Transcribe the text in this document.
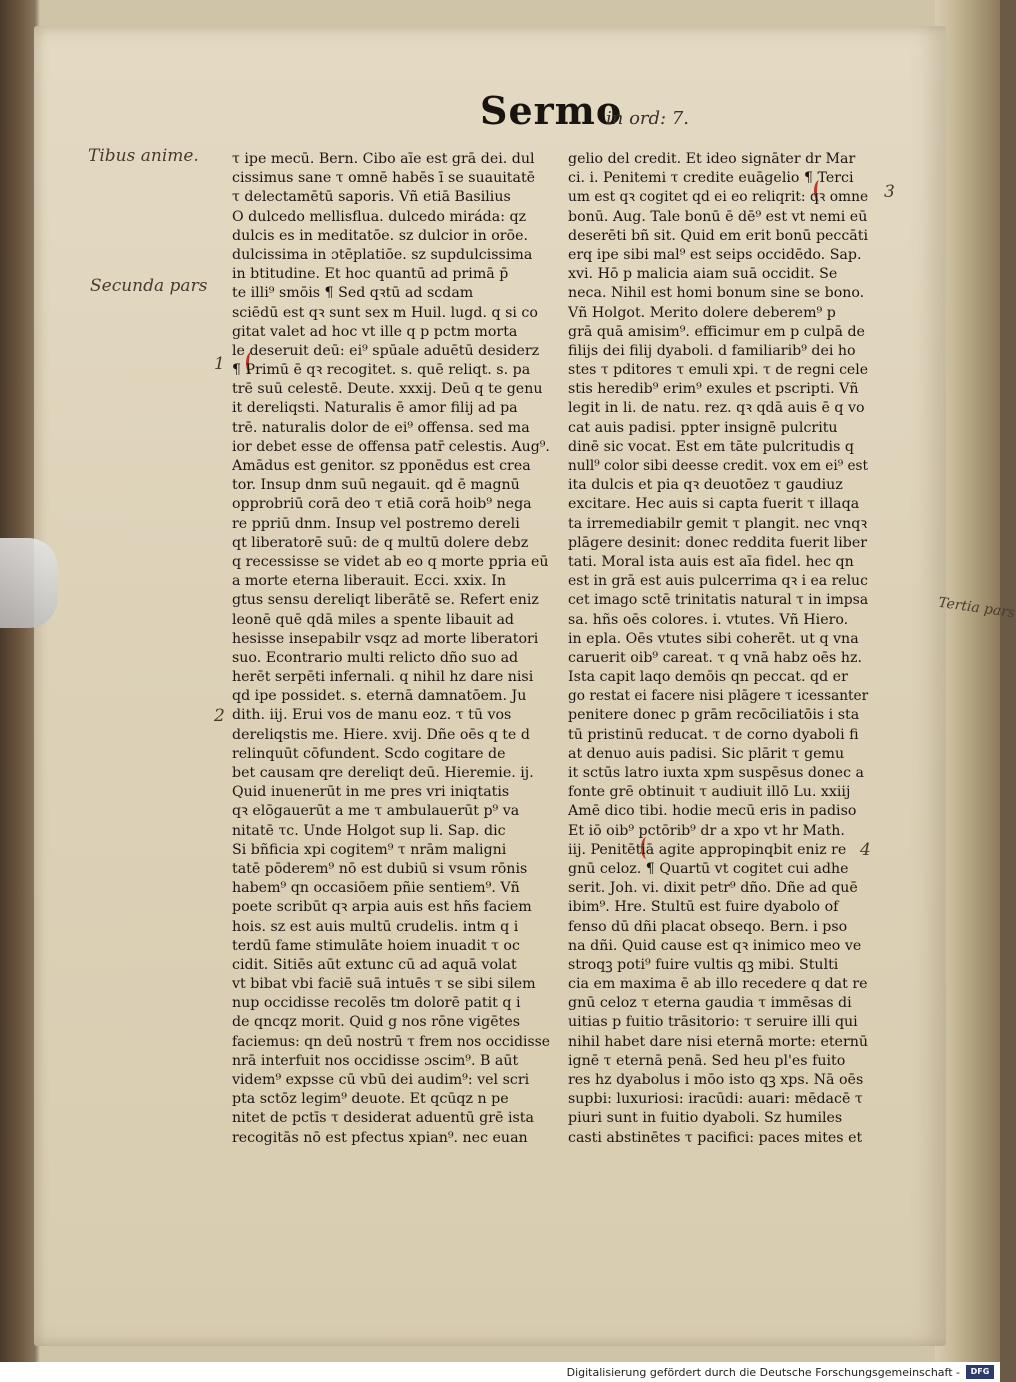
Sermo
in ord: 7.
Tibus anime.
Secunda pars
1
2
3
4
Tertia pars
τ ipe mecū. Bern. Cibo aīe est grā dei. dul
cissimus sane τ omnē habēs ī se suauitatē
τ delectamētū saporis. Vñ etiā Basilius
O dulcedo mellisflua. dulcedo miráda: qz
dulcis es in meditatōe. sz dulcior in orōe.
dulcissima in ɔtēplatiōe. sz supdulcissima
in btitudine. Et hoc quantū ad primā p̄
te illi⁹ smōis ¶ Sed qꝛtū ad scdam
sciēdū est qꝛ sunt sex m Huil. lugd. q si co
gitat valet ad hoc vt ille q p pctm morta
le deseruit deū: ei⁹ spūale aduētū desiderz
¶ Primū ē qꝛ recogitet. s. quē reliqt. s. pa
trē suū celestē. Deute. xxxij. Deū q te genu
it dereliqsti. Naturalis ē amor filij ad pa
trē. naturalis dolor de ei⁹ offensa. sed ma
ior debet esse de offensa patr̄ celestis. Aug⁹.
Amādus est genitor. sz pponēdus est crea
tor. Insup dnm suū negauit. qd ē magnū
opprobriū corā deo τ etiā corā hoib⁹ nega
re ppriū dnm. Insup vel postremo dereli
qt liberatorē suū: de q multū dolere debz
q recessisse se videt ab eo q morte ppria eū
a morte eterna liberauit. Ecci. xxix. In
gtus sensu dereliqt liberātē se. Refert eniz
leonē quē qdā miles a spente libauit ad
hesisse insepabilr vsqz ad morte liberatori
suo. Econtrario multi relicto dño suo ad
herēt serpēti infernali. q nihil hz dare nisi
qd ipe possidet. s. eternā damnatōem. Ju
dith. iij. Erui vos de manu eoz. τ tū vos
dereliqstis me. Hiere. xvij. Dñe oēs q te d
relinquūt cōfundent. Scdo cogitare de
bet causam qre dereliqt deū. Hieremie. ij.
Quid inuenerūt in me pres vri iniqtatis
qꝛ elōgauerūt a me τ ambulauerūt p⁹ va
nitatē τc. Unde Holgot sup li. Sap. dic
Si bñficia xpi cogitem⁹ τ nrām maligni
tatē pōderem⁹ nō est dubiū si vsum rōnis
habem⁹ qn occasiōem pñie sentiem⁹. Vñ
poete scribūt qꝛ arpia auis est hñs faciem
hois. sz est auis multū crudelis. intm q i
terdū fame stimulāte hoiem inuadit τ oc
cidit. Sitiēs aūt extunc cū ad aquā volat
vt bibat vbi faciē suā intuēs τ se sibi silem
nup occidisse recolēs tm dolorē patit q i
de qncqz morit. Quid g nos rōne vigētes
faciemus: qn deū nostrū τ frem nos occidisse
nrā interfuit nos occidisse ɔscim⁹. B aūt
videm⁹ expsse cū vbū dei audim⁹: vel scri
pta sctōz legim⁹ deuote. Et qcūqz n pe
nitet de pctīs τ desiderat aduentū grē ista
recogitās nō est pfectus xpian⁹. nec euan
gelio del credit. Et ideo signāter dr Mar
ci. i. Penitemi τ credite euāgelio ¶ Terci
um est qꝛ cogitet qd ei eo reliqrit: qꝛ omne
bonū. Aug. Tale bonū ē dē⁹ est vt nemi eū
deserēti bñ sit. Quid em erit bonū peccāti
erq ipe sibi mal⁹ est seips occidēdo. Sap.
xvi. Hō p malicia aiam suā occidit. Se
neca. Nihil est homi bonum sine se bono.
Vñ Holgot. Merito dolere deberem⁹ p
grā quā amisim⁹. efficimur em p culpā de
filijs dei filij dyaboli. d familiarib⁹ dei ho
stes τ pditores τ emuli xpi. τ de regni cele
stis heredib⁹ erim⁹ exules et pscripti. Vñ
legit in li. de natu. rez. qꝛ qdā auis ē q vo
cat auis padisi. ppter insignē pulcritu
dinē sic vocat. Est em tāte pulcritudis q
null⁹ color sibi deesse credit. vox em ei⁹ est
ita dulcis et pia qꝛ deuotōez τ gaudiuz
excitare. Hec auis si capta fuerit τ illaqa
ta irremediabilr gemit τ plangit. nec vnqꝛ
plāgere desinit: donec reddita fuerit liber
tati. Moral ista auis est aīa fidel. hec qn
est in grā est auis pulcerrima qꝛ i ea reluc
cet imago sctē trinitatis natural τ in impsa
sa. hñs oēs colores. i. vtutes. Vñ Hiero.
in epla. Oēs vtutes sibi coherēt. ut q vna
caruerit oib⁹ careat. τ q vnā habz oēs hz.
Ista capit laqo demōis qn peccat. qd er
go restat ei facere nisi plāgere τ icessanter
penitere donec p grām recōciliatōis i sta
tū pristinū reducat. τ de corno dyaboli fi
at denuo auis padisi. Sic plārit τ gemu
it sctūs latro iuxta xpm suspēsus donec a
fonte grē obtinuit τ audiuit illō Lu. xxiij
Amē dico tibi. hodie mecū eris in padiso
Et iō oib⁹ pctōrib⁹ dr a xpo vt hr Math.
iij. Penitētiā agite appropinqbit eniz re
gnū celoz. ¶ Quartū vt cogitet cui adhe
serit. Joh. vi. dixit petr⁹ dño. Dñe ad quē
ibim⁹. Hre. Stultū est fuire dyabolo of
fenso dū dñi placat obseqo. Bern. i pso
na dñi. Quid cause est qꝛ inimico meo ve
stroqꝫ poti⁹ fuire vultis qꝫ mibi. Stulti
cia em maxima ē ab illo recedere q dat re
gnū celoz τ eterna gaudia τ immēsas di
uitias p fuitio trāsitorio: τ seruire illi qui
nihil habet dare nisi eternā morte: eternū
ignē τ eternā penā. Sed heu pl'es fuito
res hz dyabolus i mōo isto qꝫ xps. Nā oēs
supbi: luxuriosi: iracūdi: auari: mēdacē τ
piuri sunt in fuitio dyaboli. Sz humiles
casti abstinētes τ pacifici: paces mites et
Digitalisierung gefördert durch die Deutsche Forschungsgemeinschaft -	DFG
